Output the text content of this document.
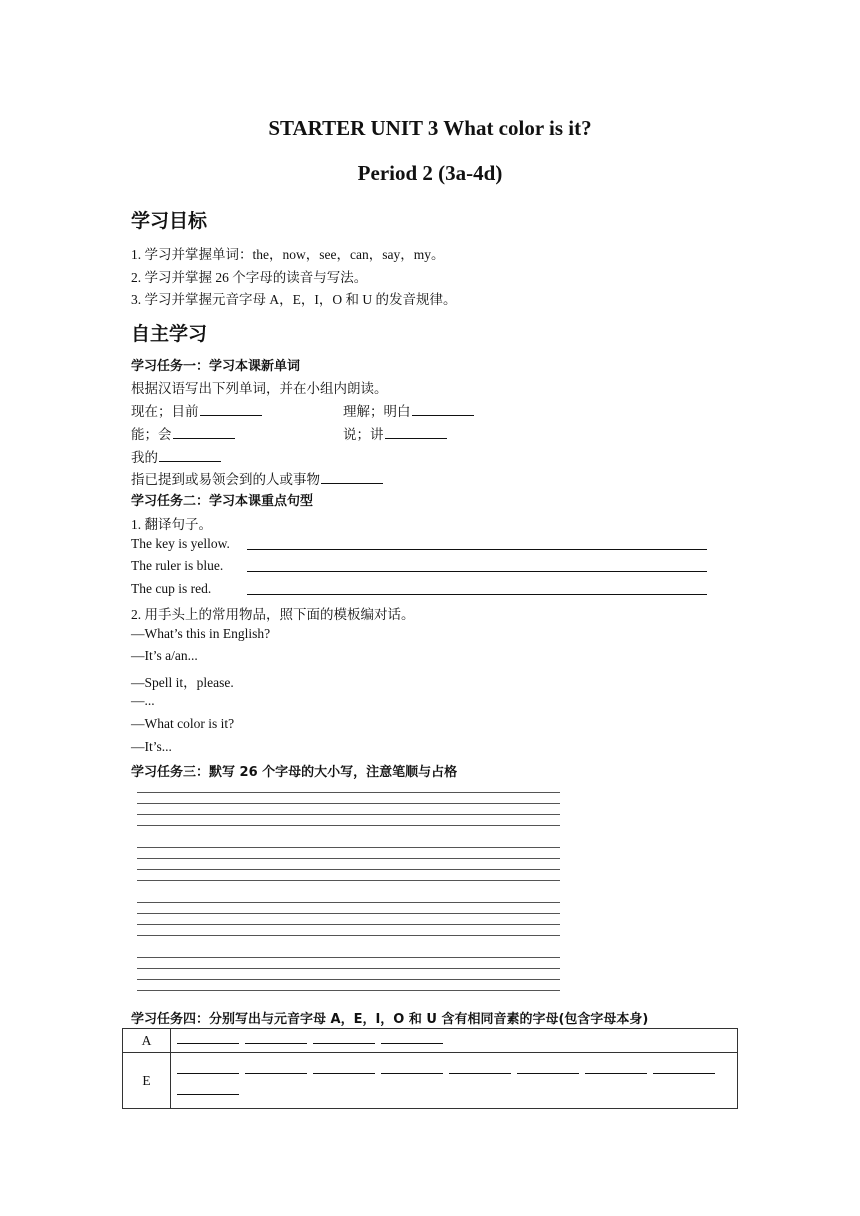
STARTER UNIT 3 What color is it?
Period 2 (3a-4d)
学习目标
1. 学习并掌握单词：the，now，see，can，say，my。
2. 学习并掌握 26 个字母的读音与写法。
3. 学习并掌握元音字母 A，E，I，O 和 U 的发音规律。
自主学习
学习任务一：学习本课新单词
根据汉语写出下列单词，并在小组内朗读。
现在；目前	理解；明白
能；会	说；讲
我的
指已提到或易领会到的人或事物
学习任务二：学习本课重点句型
1. 翻译句子。
The key is yellow.
The ruler is blue.
The cup is red.
2. 用手头上的常用物品，照下面的模板编对话。
—What’s this in English?
—It’s a/an...
—Spell it，please.
—...
—What color is it?
—It’s...
学习任务三：默写 26 个字母的大小写，注意笔顺与占格
学习任务四：分别写出与元音字母 A，E，I，O 和 U 含有相同音素的字母(包含字母本身)
A	
E	
